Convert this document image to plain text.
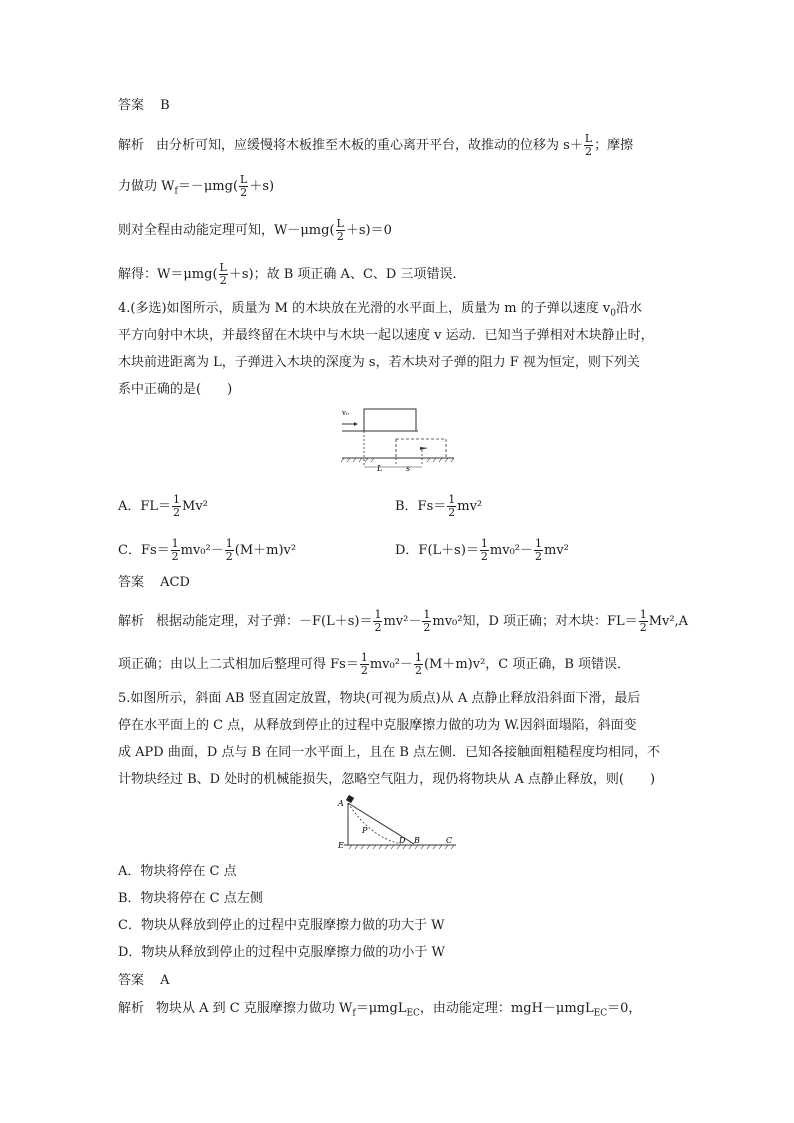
答案 B
解析 由分析可知，应缓慢将木板推至木板的重心离开平台，故推动的位移为 $s+ \frac{L}{2}$ ；摩擦
力做功 $W_f=-\mu mg( \frac{L}{2} +s)$
则对全程由动能定理可知，$W-\mu mg( \frac{L}{2} +s)=0$
解得：$W=\mu mg( \frac{L}{2} +s)$；故 B 项正确 A、C、D 三项错误．
4.(多选)如图所示，质量为 M 的木块放在光滑的水平面上，质量为 m 的子弹以速度 $v_0$沿水
平方向射中木块，并最终留在木块中与木块一起以速度 v 运动．已知当子弹相对木块静止时，
木块前进距离为 L，子弹进入木块的深度为 s，若木块对子弹的阻力 F 视为恒定，则下列关
系中正确的是(　　)
v₀
L	s
A．$FL= \frac{1}{2} Mv^2$	B．$Fs= \frac{1}{2} mv^2$
C．$Fs= \frac{1}{2} mv_0^2- \frac{1}{2} (M+m)v^2$	D．$F(L+s)= \frac{1}{2} mv_0^2- \frac{1}{2} mv^2$
答案 ACD
解析 根据动能定理，对子弹：$-F(L+s)= \frac{1}{2} mv^2- \frac{1}{2} mv_0^2$知，D 项正确；对木块：$FL= \frac{1}{2} Mv^2,A$
项正确；由以上二式相加后整理可得 $Fs= \frac{1}{2} mv_0^2- \frac{1}{2} (M+m)v^2$，C 项正确，B 项错误．
5.如图所示，斜面 AB 竖直固定放置，物块(可视为质点)从 A 点静止释放沿斜面下滑，最后
停在水平面上的 C 点，从释放到停止的过程中克服摩擦力做的功为 W.因斜面塌陷，斜面变
成 APD 曲面，D 点与 B 在同一水平面上，且在 B 点左侧．已知各接触面粗糙程度均相同，不
计物块经过 B、D 处时的机械能损失，忽略空气阻力，现仍将物块从 A 点静止释放，则(　　)
A
P
E
D B	C
A．物块将停在 C 点
B．物块将停在 C 点左侧
C．物块从释放到停止的过程中克服摩擦力做的功大于 W
D．物块从释放到停止的过程中克服摩擦力做的功小于 W
答案 A
解析 物块从 A 到 C 克服摩擦力做功 $W_f=\mu mgL_{EC}$，由动能定理：mgH－μmgL$_{EC}$＝0，
